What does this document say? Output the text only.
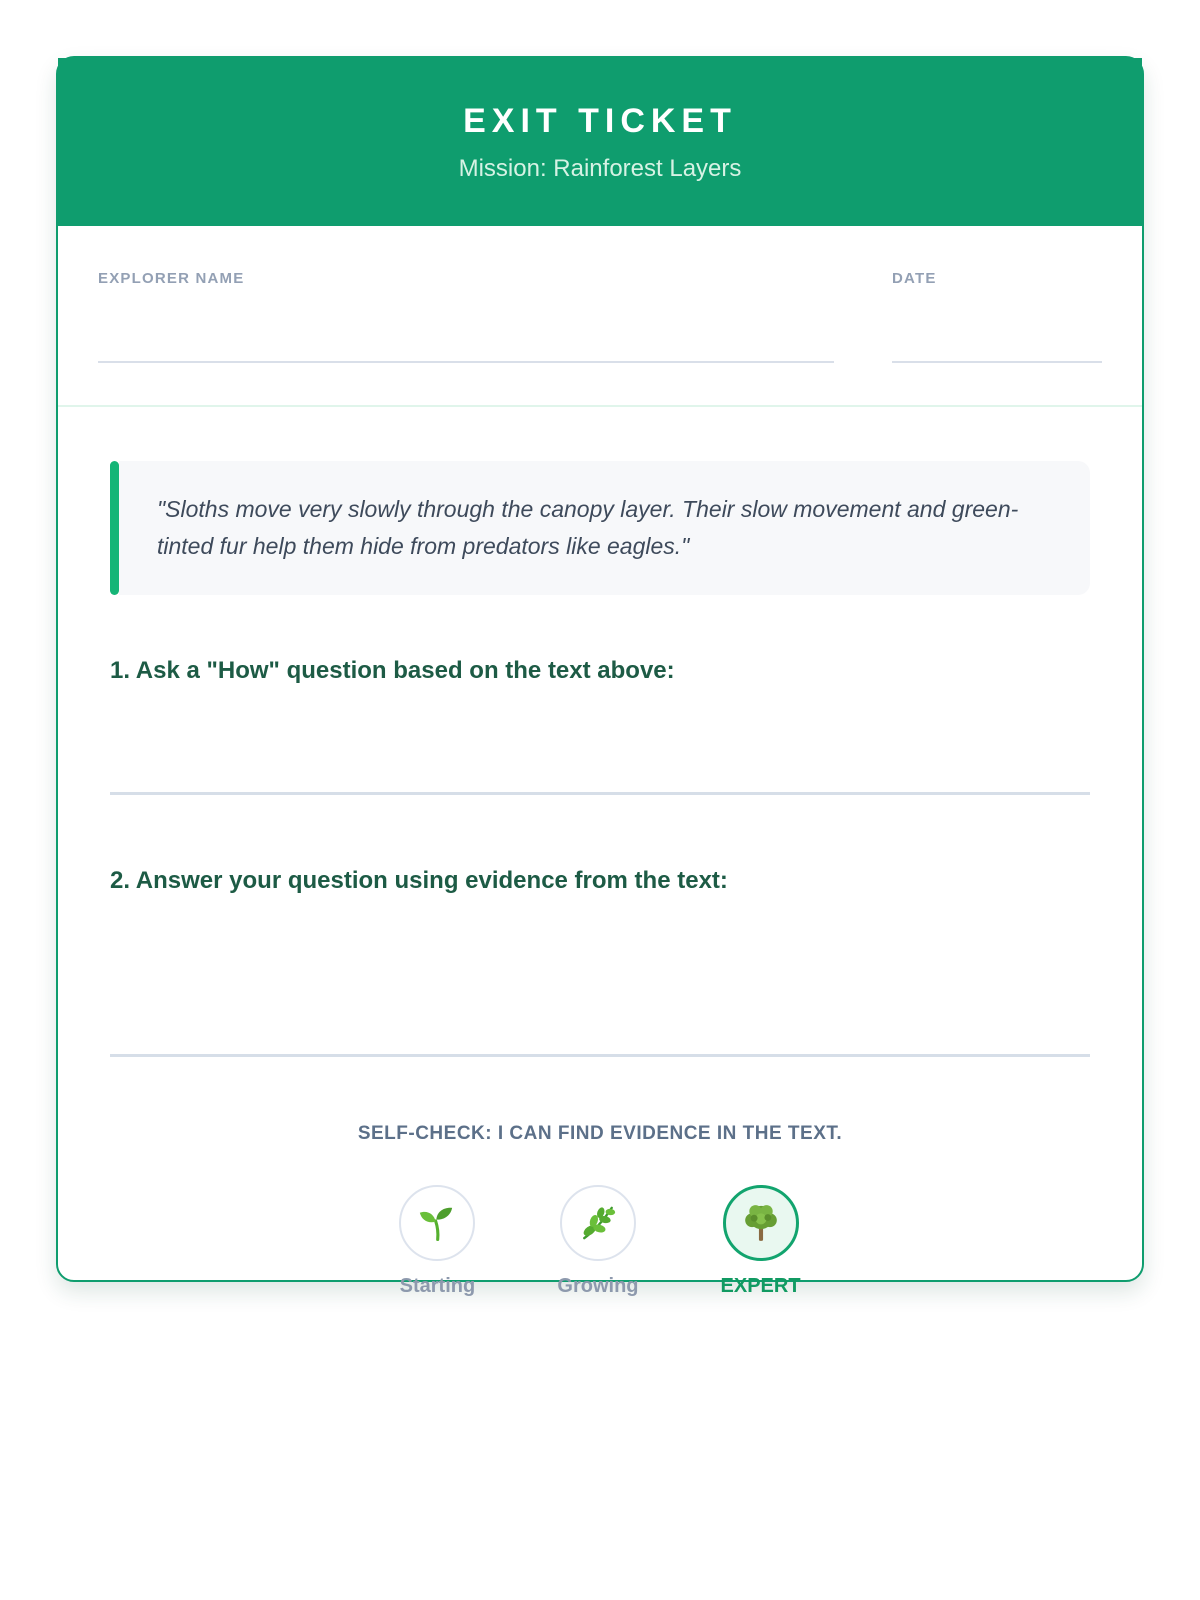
EXIT TICKET
Mission: Rainforest Layers
EXPLORER NAME	DATE
"Sloths move very slowly through the canopy layer. Their slow movement and green-tinted fur help them hide from predators like eagles."
1. Ask a "How" question based on the text above:
2. Answer your question using evidence from the text:
SELF-CHECK: I CAN FIND EVIDENCE IN THE TEXT.
Starting	Growing	EXPERT
